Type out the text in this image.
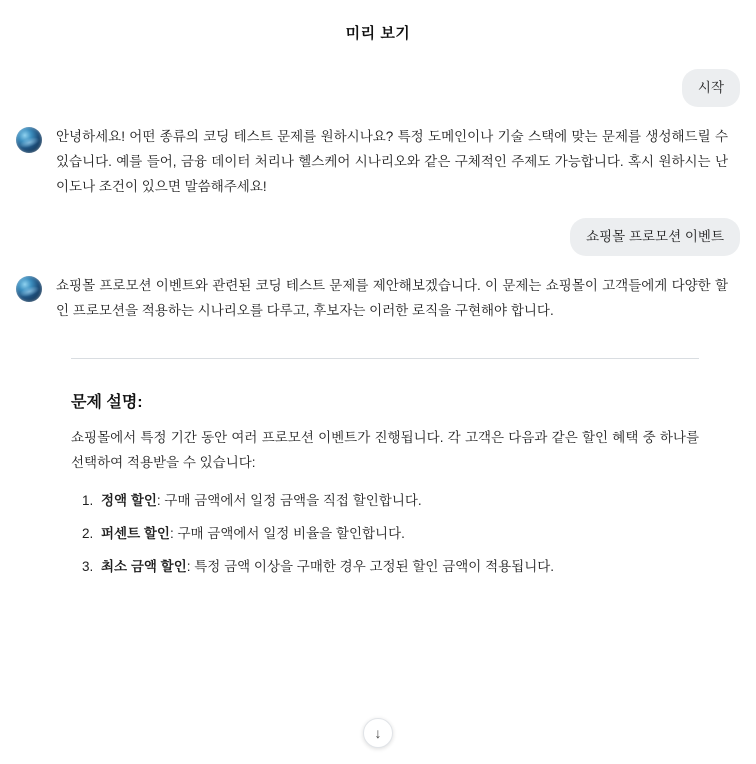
미리 보기
시작
안녕하세요! 어떤 종류의 코딩 테스트 문제를 원하시나요? 특정 도메인이나 기술 스택에 맞는 문제를 생성해드릴 수 있습니다. 예를 들어, 금융 데이터 처리나 헬스케어 시나리오와 같은 구체적인 주제도 가능합니다. 혹시 원하시는 난이도나 조건이 있으면 말씀해주세요!
쇼핑몰 프로모션 이벤트
쇼핑몰 프로모션 이벤트와 관련된 코딩 테스트 문제를 제안해보겠습니다. 이 문제는 쇼핑몰이 고객들에게 다양한 할인 프로모션을 적용하는 시나리오를 다루고, 후보자는 이러한 로직을 구현해야 합니다.
문제 설명:
쇼핑몰에서 특정 기간 동안 여러 프로모션 이벤트가 진행됩니다. 각 고객은 다음과 같은 할인 혜택 중 하나를 선택하여 적용받을 수 있습니다:
1. 정액 할인: 구매 금액에서 일정 금액을 직접 할인합니다.
2. 퍼센트 할인: 구매 금액에서 일정 비율을 할인합니다.
3. 최소 금액 할인: 특정 금액 이상을 구매한 경우 고정된 할인 금액이 적용됩니다.
↓
